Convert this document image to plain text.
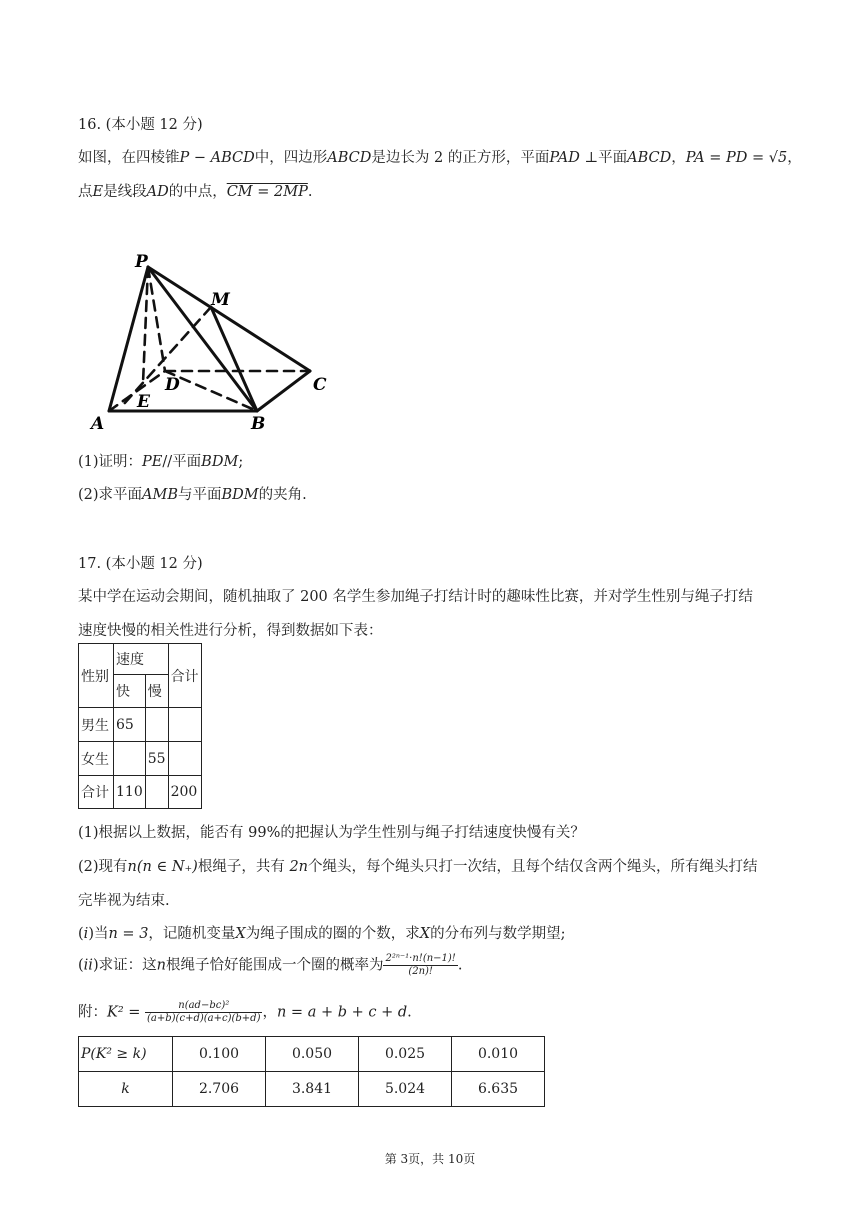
16. (本小题 12 分)
如图，在四棱锥P − ABCD中，四边形ABCD是边长为 2 的正方形，平面PAD ⊥平面ABCD，PA = PD = √5，
点E是线段AD的中点，CM = 2MP.
P
M
D	C
E
A	B
(1)证明：PE//平面BDM;
(2)求平面AMB与平面BDM的夹角.
17. (本小题 12 分)
某中学在运动会期间，随机抽取了 200 名学生参加绳子打结计时的趣味性比赛，并对学生性别与绳子打结
速度快慢的相关性进行分析，得到数据如下表：
性别	速度		合计
	快	慢	
男生	65		
女生		55	
合计	110		200
(1)根据以上数据，能否有 99%的把握认为学生性别与绳子打结速度快慢有关？
(2)现有n(n ∈ N₊)根绳子，共有 2n个绳头，每个绳头只打一次结，且每个结仅含两个绳头，所有绳头打结
完毕视为结束.
(i)当n = 3，记随机变量X为绳子围成的圈的个数，求X的分布列与数学期望;
(ii)求证：这n根绳子恰好能围成一个圈的概率为 $\frac{\text{2²ⁿ⁻¹·n!(n−1)!}}{(2n)!}$ .
附：$K^2 = \frac{\text{n(ad−bc)²}}{(a+b)(c+d)(a+c)(b+d)}$ ，n = a + b + c + d.
P(K² ≥ k)	0.100	0.050	0.025	0.010
k	2.706	3.841	5.024	6.635
第 3页，共 10页
